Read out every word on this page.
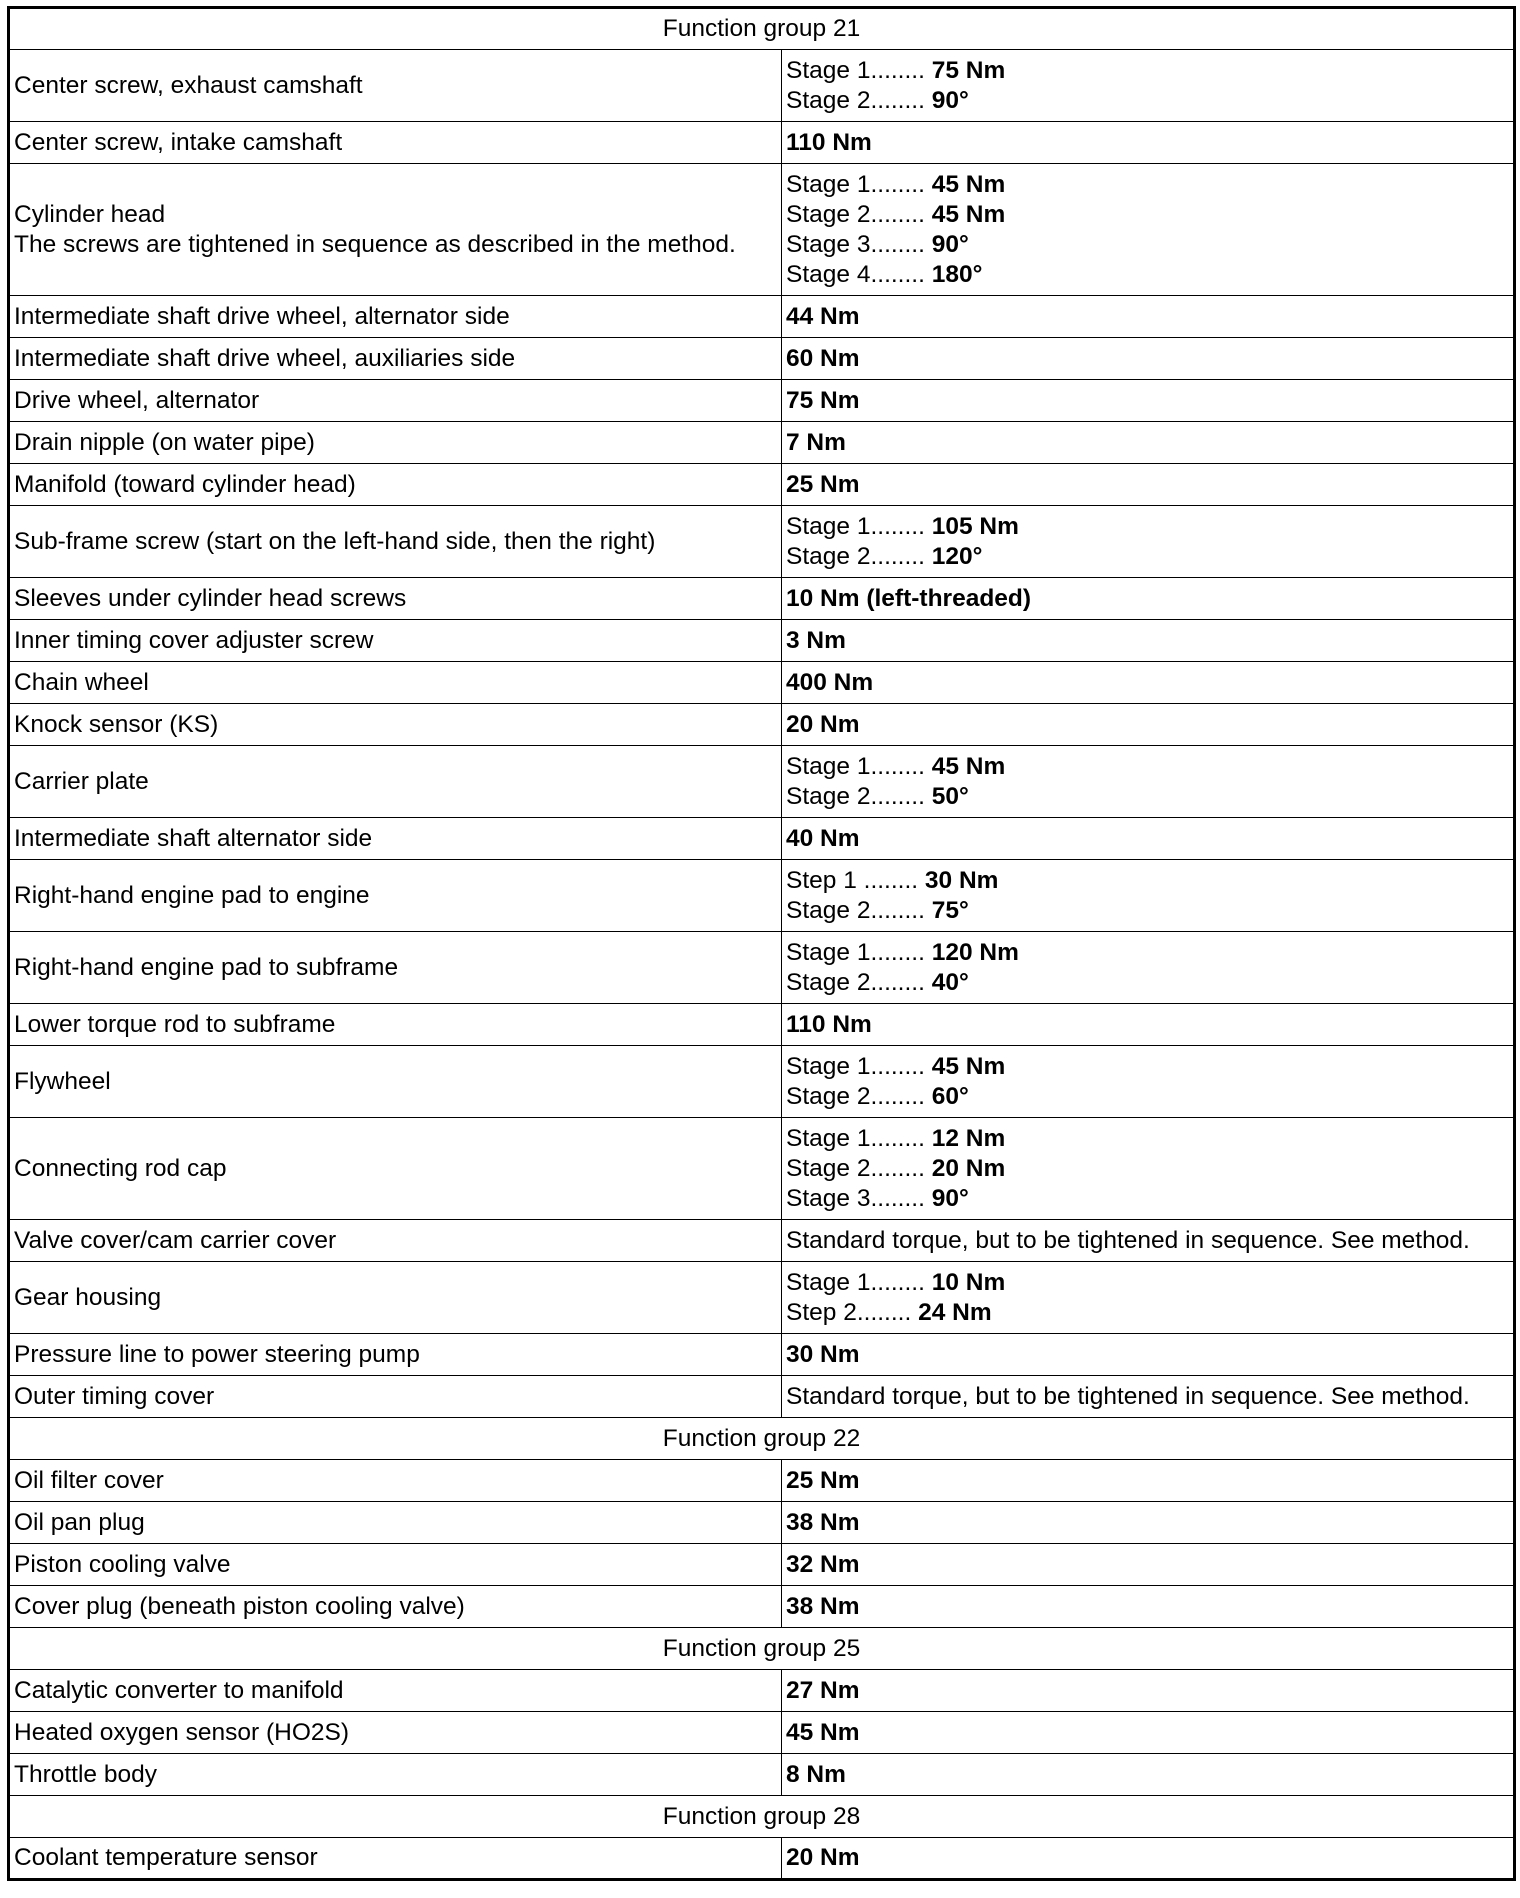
Function group 21	

Center screw, exhaust camshaft	Stage 1........ 75 Nm
Stage 2........ 90°

Center screw, intake camshaft	110 Nm

Cylinder head
The screws are tightened in sequence as described in the method.	Stage 1........ 45 Nm
Stage 2........ 45 Nm
Stage 3........ 90°
Stage 4........ 180°

Intermediate shaft drive wheel, alternator side	44 Nm

Intermediate shaft drive wheel, auxiliaries side	60 Nm

Drive wheel, alternator	75 Nm

Drain nipple (on water pipe)	7 Nm

Manifold (toward cylinder head)	25 Nm

Sub-frame screw (start on the left-hand side, then the right)	Stage 1........ 105 Nm
Stage 2........ 120°

Sleeves under cylinder head screws	10 Nm (left-threaded)

Inner timing cover adjuster screw	3 Nm

Chain wheel	400 Nm

Knock sensor (KS)	20 Nm

Carrier plate	Stage 1........ 45 Nm
Stage 2........ 50°

Intermediate shaft alternator side	40 Nm

Right-hand engine pad to engine	Step 1 ........ 30 Nm
Stage 2........ 75°

Right-hand engine pad to subframe	Stage 1........ 120 Nm
Stage 2........ 40°

Lower torque rod to subframe	110 Nm

Flywheel	Stage 1........ 45 Nm
Stage 2........ 60°

Connecting rod cap	Stage 1........ 12 Nm
Stage 2........ 20 Nm
Stage 3........ 90°

Valve cover/cam carrier cover	Standard torque, but to be tightened in sequence. See method.

Gear housing	Stage 1........ 10 Nm
Step 2........ 24 Nm

Pressure line to power steering pump	30 Nm

Outer timing cover	Standard torque, but to be tightened in sequence. See method.

Function group 22	

Oil filter cover	25 Nm

Oil pan plug	38 Nm

Piston cooling valve	32 Nm

Cover plug (beneath piston cooling valve)	38 Nm

Function group 25	

Catalytic converter to manifold	27 Nm

Heated oxygen sensor (HO2S)	45 Nm

Throttle body	8 Nm

Function group 28	

Coolant temperature sensor	20 Nm
